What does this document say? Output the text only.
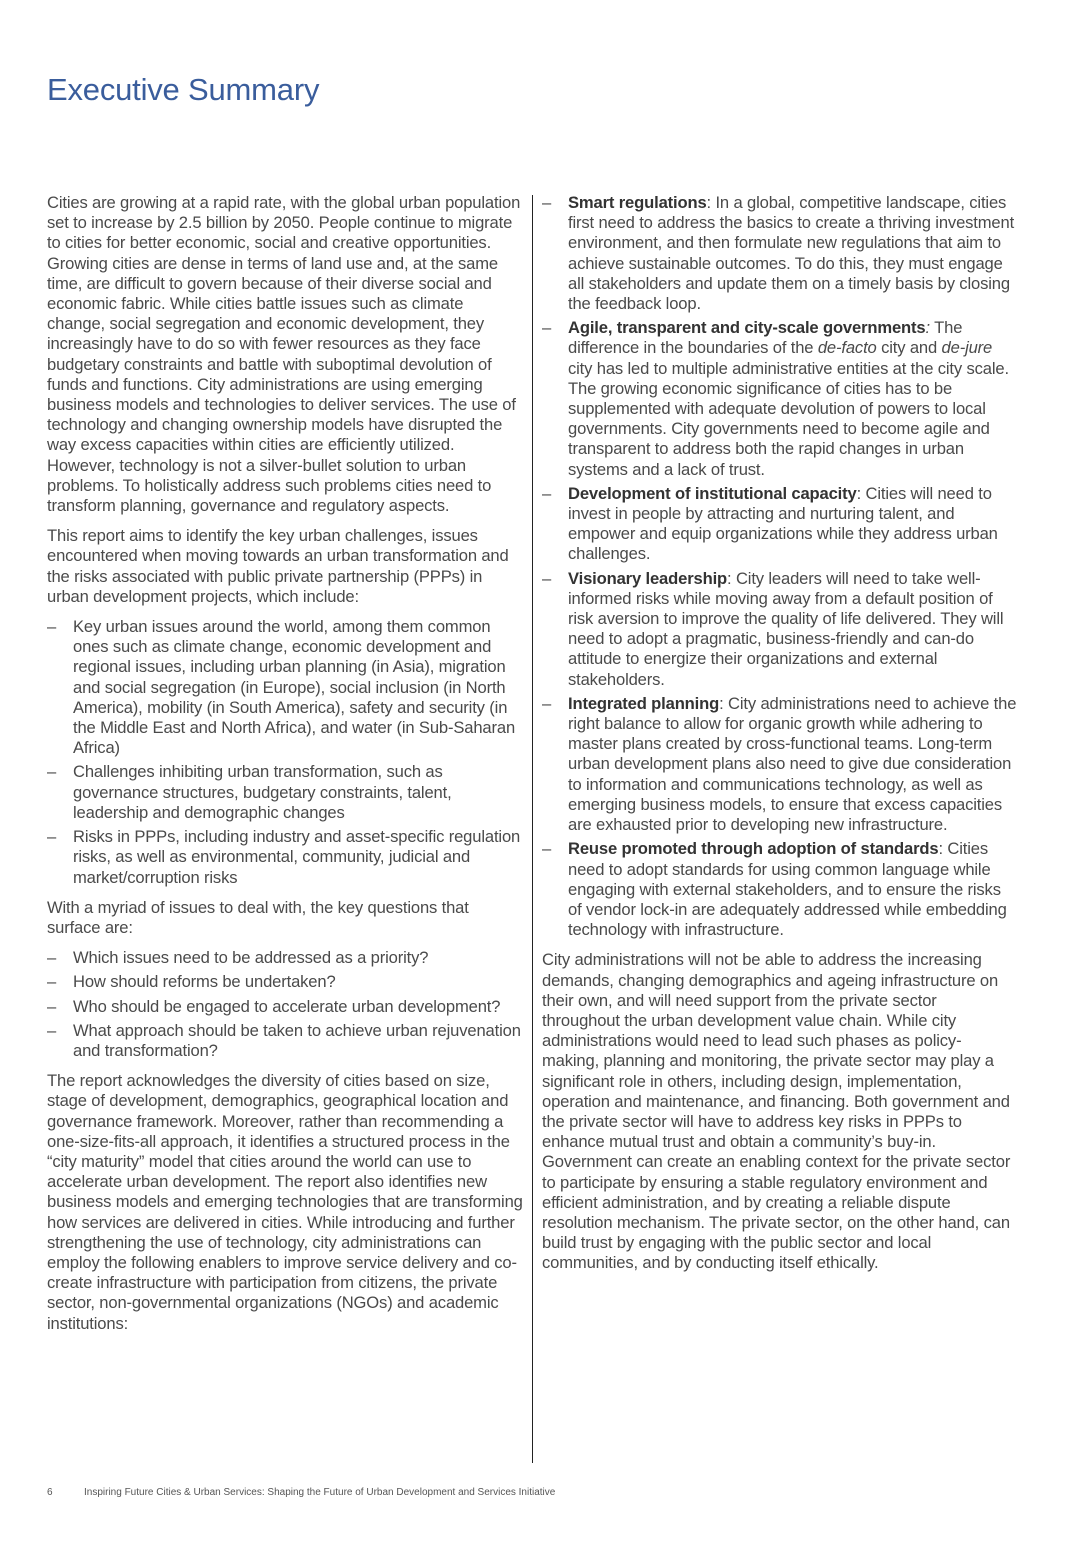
Executive Summary

Cities are growing at a rapid rate, with the global urban population set to increase by 2.5 billion by 2050. People continue to migrate to cities for better economic, social and creative opportunities. Growing cities are dense in terms of land use and, at the same time, are difficult to govern because of their diverse social and economic fabric. While cities battle issues such as climate change, social segregation and economic development, they increasingly have to do so with fewer resources as they face budgetary constraints and battle with suboptimal devolution of funds and functions. City administrations are using emerging business models and technologies to deliver services. The use of technology and changing ownership models have disrupted the way excess capacities within cities are efficiently utilized. However, technology is not a silver-bullet solution to urban problems. To holistically address such problems cities need to transform planning, governance and regulatory aspects.

This report aims to identify the key urban challenges, issues encountered when moving towards an urban transformation and the risks associated with public private partnership (PPPs) in urban development projects, which include:

– Key urban issues around the world, among them common ones such as climate change, economic development and regional issues, including urban planning (in Asia), migration and social segregation (in Europe), social inclusion (in North America), mobility (in South America), safety and security (in the Middle East and North Africa), and water (in Sub-Saharan Africa)
– Challenges inhibiting urban transformation, such as governance structures, budgetary constraints, talent, leadership and demographic changes
– Risks in PPPs, including industry and asset-specific regulation risks, as well as environmental, community, judicial and market/corruption risks

With a myriad of issues to deal with, the key questions that surface are:

– Which issues need to be addressed as a priority?
– How should reforms be undertaken?
– Who should be engaged to accelerate urban development?
– What approach should be taken to achieve urban rejuvenation and transformation?

The report acknowledges the diversity of cities based on size, stage of development, demographics, geographical location and governance framework. Moreover, rather than recommending a one-size-fits-all approach, it identifies a structured process in the “city maturity” model that cities around the world can use to accelerate urban development. The report also identifies new business models and emerging technologies that are transforming how services are delivered in cities. While introducing and further strengthening the use of technology, city administrations can employ the following enablers to improve service delivery and co-create infrastructure with participation from citizens, the private sector, non-governmental organizations (NGOs) and academic institutions:

– Smart regulations: In a global, competitive landscape, cities first need to address the basics to create a thriving investment environment, and then formulate new regulations that aim to achieve sustainable outcomes. To do this, they must engage all stakeholders and update them on a timely basis by closing the feedback loop.
– Agile, transparent and city-scale governments: The difference in the boundaries of the de-facto city and de-jure city has led to multiple administrative entities at the city scale. The growing economic significance of cities has to be supplemented with adequate devolution of powers to local governments. City governments need to become agile and transparent to address both the rapid changes in urban systems and a lack of trust.
– Development of institutional capacity: Cities will need to invest in people by attracting and nurturing talent, and empower and equip organizations while they address urban challenges.
– Visionary leadership: City leaders will need to take well-informed risks while moving away from a default position of risk aversion to improve the quality of life delivered. They will need to adopt a pragmatic, business-friendly and can-do attitude to energize their organizations and external stakeholders.
– Integrated planning: City administrations need to achieve the right balance to allow for organic growth while adhering to master plans created by cross-functional teams. Long-term urban development plans also need to give due consideration to information and communications technology, as well as emerging business models, to ensure that excess capacities are exhausted prior to developing new infrastructure.
– Reuse promoted through adoption of standards: Cities need to adopt standards for using common language while engaging with external stakeholders, and to ensure the risks of vendor lock-in are adequately addressed while embedding technology with infrastructure.

City administrations will not be able to address the increasing demands, changing demographics and ageing infrastructure on their own, and will need support from the private sector throughout the urban development value chain. While city administrations would need to lead such phases as policy-making, planning and monitoring, the private sector may play a significant role in others, including design, implementation, operation and maintenance, and financing. Both government and the private sector will have to address key risks in PPPs to enhance mutual trust and obtain a community’s buy-in. Government can create an enabling context for the private sector to participate by ensuring a stable regulatory environment and efficient administration, and by creating a reliable dispute resolution mechanism. The private sector, on the other hand, can build trust by engaging with the public sector and local communities, and by conducting itself ethically.

6	Inspiring Future Cities & Urban Services: Shaping the Future of Urban Development and Services Initiative
